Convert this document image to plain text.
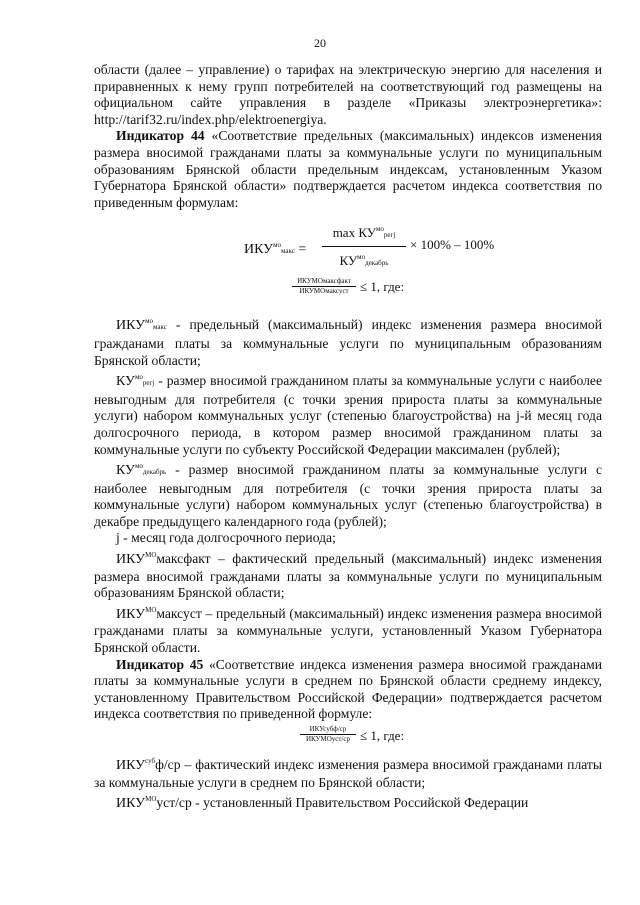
20

области (далее – управление) о тарифах на электрическую энергию для населения и приравненных к нему групп потребителей на соответствующий год размещены на официальном сайте управления в разделе «Приказы электроэнергетика»: http://tarif32.ru/index.php/elektroenergiya.

Индикатор 44 «Соответствие предельных (максимальных) индексов изменения размера вносимой гражданами платы за коммунальные услуги по муниципальным образованиям Брянской области предельным индексам, установленным Указом Губернатора Брянской области» подтверждается расчетом индекса соответствия по приведенным формулам:

$ИКУ^{мо}макс$ =
$\max КУ^{мо}регj$
$КУ^{мо}декабрь$
× 100% – 100%
ИКУМОмаксфакт
ИКУМОмаксуст ≤ 1, где:

$ИКУ^{мо}макс$ - предельный (максимальный) индекс изменения размера вносимой гражданами платы за коммунальные услуги по муниципальным образованиям Брянской области;

$КУ^{мо}регj$ - размер вносимой гражданином платы за коммунальные услуги с наиболее невыгодным для потребителя (с точки зрения прироста платы за коммунальные услуги) набором коммунальных услуг (степенью благоустройства) на j-й месяц года долгосрочного периода, в котором размер вносимой гражданином платы за коммунальные услуги по субъекту Российской Федерации максимален (рублей);

$КУ^{мо}декабрь$ - размер вносимой гражданином платы за коммунальные услуги с наиболее невыгодным для потребителя (с точки зрения прироста платы за коммунальные услуги) набором коммунальных услуг (степенью благоустройства) в декабре предыдущего календарного года (рублей);

j - месяц года долгосрочного периода;

$ИКУ^{МО}максфакт$ – фактический предельный (максимальный) индекс изменения размера вносимой гражданами платы за коммунальные услуги по муниципальным образованиям Брянской области;

$ИКУ^{МО}максуст$ – предельный (максимальный) индекс изменения размера вносимой гражданами платы за коммунальные услуги, установленный Указом Губернатора Брянской области.

Индикатор 45 «Соответствие индекса изменения размера вносимой гражданами платы за коммунальные услуги в среднем по Брянской области среднему индексу, установленному Правительством Российской Федерации» подтверждается расчетом индекса соответствия по приведенной формуле:

ИКУсубф/ср
ИКУМОуст/ср ≤ 1, где:

$ИКУ^{суб}ф/ср$ – фактический индекс изменения размера вносимой гражданами платы за коммунальные услуги в среднем по Брянской области;

$ИКУ^{МО}уст/ср$ - установленный Правительством Российской Федерации
